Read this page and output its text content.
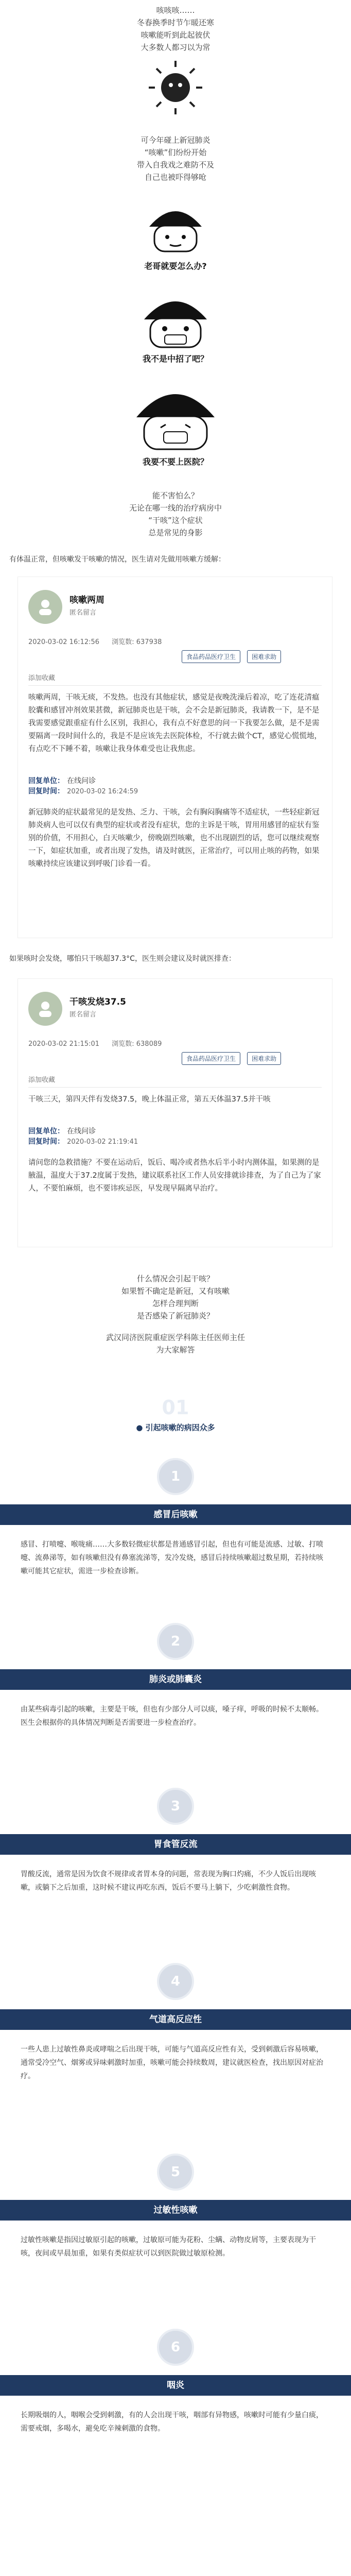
咳咳咳……
冬春换季时节乍暖还寒
咳嗽能听到此起彼伏
大多数人都习以为常
可今年碰上新冠肺炎
“咳嗽”们纷纷开始
带入自我戏之难防不及
自己也被吓得够呛
老哥就要怎么办?
我不是中招了吧？
我要不要上医院？
能不害怕么？
无论在哪一线的治疗病房中
“干咳”这个症状
总是常见的身影
有体温正常，但咳嗽发干咳嗽的情况，医生请对先做用咳嗽方缓解：
咳嗽两周
匿名留言
2020-03-02 16:12:56 浏览数: 637938
食品药品医疗卫生	困难求助
添加收藏
咳嗽两周，干咳无痰，不发热。也没有其他症状，感觉是夜晚洗澡后着凉，吃了连花清瘟胶囊和感冒冲剂效果甚微，新冠肺炎也是干咳，会不会是新冠肺炎，我请教一下，是不是我需要感觉跟重症有什么区别，我担心，我有点不好意思的问一下我要怎么做，是不是需要隔离一段时间什么的，我是不是应该先去医院体检，不行就去做个CT，感觉心慌慌地，有点吃不下睡不着，咳嗽让我身体难受也让我焦虑。
回复单位： 在线问诊
回复时间： 2020-03-02 16:24:59
新冠肺炎的症状最常见的是发热、乏力、干咳，会有胸闷胸痛等不适症状，一些轻症新冠肺炎病人也可以仅有典型的症状或者没有症状，您的主诉是干咳，胃用用感冒的症状有鉴别的价值，不用担心，白天咳嗽少，傍晚剧烈咳嗽，也不出现剧烈的话，您可以继续观察一下，如症状加重，或者出现了发热，请及时就医，正常治疗，可以用止咳的药物，如果咳嗽持续应该建议到呼吸门诊看一看。
如果咳时会发烧，哪怕只干咳超37.3°C，医生则会建议及时就医排查：
干咳发烧37.5
匿名留言
2020-03-02 21:15:01 浏览数: 638089
食品药品医疗卫生	困难求助
添加收藏
干咳三天，第四天伴有发烧37.5，晚上体温正常，第五天体温37.5并干咳
回复单位： 在线问诊
回复时间： 2020-03-02 21:19:41
请问您的急救措施？不要在运动后，饭后、喝冷或者热水后半小时内测体温，如果测的是腋温，温度大于37.2度属于发热，建议联系社区工作人员安排就诊排查，为了自己为了家人，不要怕麻烦，也不要讳疾忌医，早发现早隔离早治疗。
什么情况会引起干咳？
如果暂不确定是新冠，又有咳嗽
怎样合理判断
是否感染了新冠肺炎？
武汉同济医院重症医学科陈主任医师主任
为大家解答
01
● 引起咳嗽的病因众多
1
感冒后咳嗽
感冒、打喷嚏、喉咙痛……大多数轻微症状都是普通感冒引起，但也有可能是流感、过敏、打喷嚏、流鼻涕等，如有咳嗽但没有鼻塞流涕等，发冷发烧，感冒后持续咳嗽超过数星期，若持续咳嗽可能其它症状，需进一步检查诊断。
2
肺炎或肺囊炎
由某些病毒引起的咳嗽，主要是干咳，但也有少部分人可以痰，嗓子痒，呼吸的时候不太顺畅。医生会根据你的具体情况判断是否需要进一步检查治疗。
3
胃食管反流
胃酸反流，通常是因为饮食不规律或者胃本身的问题，常表现为胸口灼痛，不少人饭后出现咳嗽，或躺下之后加重，这时候不建议再吃东西，饭后不要马上躺下，少吃刺激性食物。
4
气道高反应性
一些人患上过敏性鼻炎或哮喘之后出现干咳，可能与气道高反应性有关，受到刺激后容易咳嗽，通常受冷空气、烟雾或异味刺激时加重，咳嗽可能会持续数周，建议就医检查，找出原因对症治疗。
5
过敏性咳嗽
过敏性咳嗽是指因过敏原引起的咳嗽，过敏原可能为花粉、尘螨、动物皮屑等，主要表现为干咳，夜间或早晨加重，如果有类似症状可以到医院做过敏原检测。
6
咽炎
长期吸烟的人，咽喉会受到刺激，有的人会出现干咳，咽部有异物感，咳嗽时可能有少量白痰，需要戒烟，多喝水，避免吃辛辣刺激的食物。
